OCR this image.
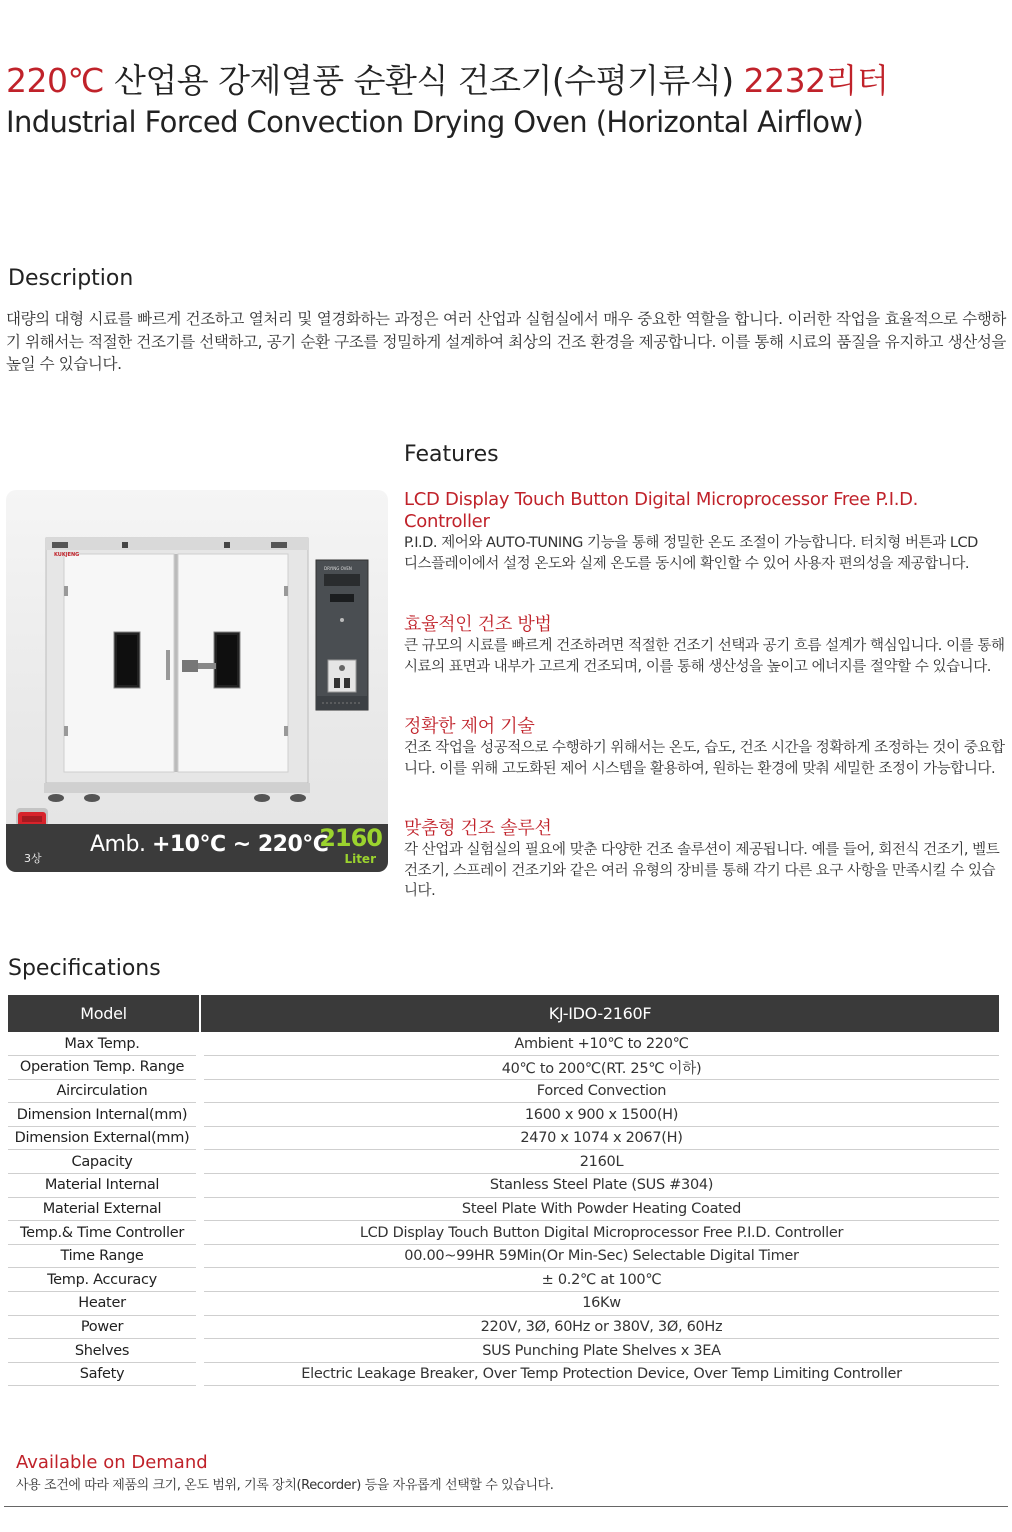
220℃ 산업용 강제열풍 순환식 건조기(수평기류식) 2232리터
Industrial Forced Convection Drying Oven (Horizontal Airflow)
Description
대량의 대형 시료를 빠르게 건조하고 열처리 및 열경화하는 과정은 여러 산업과 실험실에서 매우 중요한 역할을 합니다. 이러한 작업을 효율적으로 수행하기 위해서는 적절한 건조기를 선택하고, 공기 순환 구조를 정밀하게 설계하여 최상의 건조 환경을 제공합니다. 이를 통해 시료의 품질을 유지하고 생산성을 높일 수 있습니다.
KUKJENG
DRYING OVEN
3상
Amb. +10℃ ~ 220℃
2160
Liter
Features
LCD Display Touch Button Digital Microprocessor Free P.I.D. Controller
P.I.D. 제어와 AUTO-TUNING 기능을 통해 정밀한 온도 조절이 가능합니다. 터치형 버튼과 LCD 디스플레이에서 설정 온도와 실제 온도를 동시에 확인할 수 있어 사용자 편의성을 제공합니다.
효율적인 건조 방법
큰 규모의 시료를 빠르게 건조하려면 적절한 건조기 선택과 공기 흐름 설계가 핵심입니다. 이를 통해 시료의 표면과 내부가 고르게 건조되며, 이를 통해 생산성을 높이고 에너지를 절약할 수 있습니다.
정확한 제어 기술
건조 작업을 성공적으로 수행하기 위해서는 온도, 습도, 건조 시간을 정확하게 조정하는 것이 중요합니다. 이를 위해 고도화된 제어 시스템을 활용하여, 원하는 환경에 맞춰 세밀한 조정이 가능합니다.
맞춤형 건조 솔루션
각 산업과 실험실의 필요에 맞춘 다양한 건조 솔루션이 제공됩니다. 예를 들어, 회전식 건조기, 벨트 건조기, 스프레이 건조기와 같은 여러 유형의 장비를 통해 각기 다른 요구 사항을 만족시킬 수 있습니다.
Specifications
Model	KJ-IDO-2160F
Max Temp.	Ambient +10℃ to 220℃
Operation Temp. Range	40℃ to 200℃(RT. 25℃ 이하)
Aircirculation	Forced Convection
Dimension Internal(mm)	1600 x 900 x 1500(H)
Dimension External(mm)	2470 x 1074 x 2067(H)
Capacity	2160L
Material Internal	Stanless Steel Plate (SUS #304)
Material External	Steel Plate With Powder Heating Coated
Temp.& Time Controller	LCD Display Touch Button Digital Microprocessor Free P.I.D. Controller
Time Range	00.00~99HR 59Min(Or Min-Sec) Selectable Digital Timer
Temp. Accuracy	± 0.2℃ at 100℃
Heater	16Kw
Power	220V, 3Ø, 60Hz or 380V, 3Ø, 60Hz
Shelves	SUS Punching Plate Shelves x 3EA
Safety	Electric Leakage Breaker, Over Temp Protection Device, Over Temp Limiting Controller
Available on Demand
사용 조건에 따라 제품의 크기, 온도 범위, 기록 장치(Recorder) 등을 자유롭게 선택할 수 있습니다.
